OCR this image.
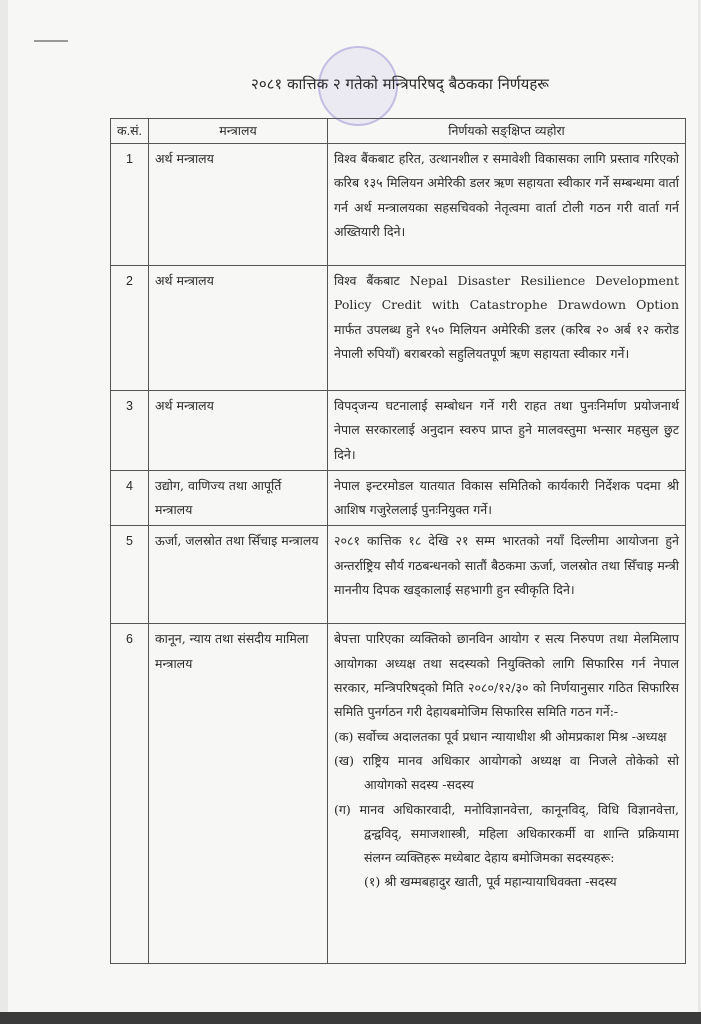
२०८१ कात्तिक २ गतेको मन्त्रिपरिषद् बैठकका निर्णयहरू
क.सं.	मन्त्रालय	निर्णयको सङ्क्षिप्त व्यहोरा
1	अर्थ मन्त्रालय	विश्व बैंकबाट हरित, उत्थानशील र समावेशी विकासका लागि प्रस्ताव गरिएको करिब १३५ मिलियन अमेरिकी डलर ऋण सहायता स्वीकार गर्ने सम्बन्धमा वार्ता गर्न अर्थ मन्त्रालयका सहसचिवको नेतृत्वमा वार्ता टोली गठन गरी वार्ता गर्न अख्तियारी दिने।
2	अर्थ मन्त्रालय	विश्व बैंकबाट Nepal Disaster Resilience Development Policy Credit with Catastrophe Drawdown Option मार्फत उपलब्ध हुने १५० मिलियन अमेरिकी डलर (करिब २० अर्ब १२ करोड नेपाली रुपियाँ) बराबरको सहुलियतपूर्ण ऋण सहायता स्वीकार गर्ने।
3	अर्थ मन्त्रालय	विपद्जन्य घटनालाई सम्बोधन गर्ने गरी राहत तथा पुनःनिर्माण प्रयोजनार्थ नेपाल सरकारलाई अनुदान स्वरुप प्राप्त हुने मालवस्तुमा भन्सार महसुल छुट दिने।
4	उद्योग, वाणिज्य तथा आपूर्ति मन्त्रालय	नेपाल इन्टरमोडल यातयात विकास समितिको कार्यकारी निर्देशक पदमा श्री आशिष गजुरेललाई पुनःनियुक्त गर्ने।
5	ऊर्जा, जलस्रोत तथा सिँचाइ मन्त्रालय	२०८१ कात्तिक १८ देखि २१ सम्म भारतको नयाँ दिल्लीमा आयोजना हुने अन्तर्राष्ट्रिय सौर्य गठबन्धनको सातौं बैठकमा ऊर्जा, जलस्रोत तथा सिँचाइ मन्त्री माननीय दिपक खड्कालाई सहभागी हुन स्वीकृति दिने।
6	कानून, न्याय तथा संसदीय मामिला मन्त्रालय	बेपत्ता पारिएका व्यक्तिको छानविन आयोग र सत्य निरुपण तथा मेलमिलाप आयोगका अध्यक्ष तथा सदस्यको नियुक्तिको लागि सिफारिस गर्न नेपाल सरकार, मन्त्रिपरिषद्को मिति २०८०/१२/३० को निर्णयानुसार गठित सिफारिस समिति पुनर्गठन गरी देहायबमोजिम सिफारिस समिति गठन गर्ने:-
(क) सर्वोच्च अदालतका पूर्व प्रधान न्यायाधीश श्री ओमप्रकाश मिश्र -अध्यक्ष
(ख) राष्ट्रिय मानव अधिकार आयोगको अध्यक्ष वा निजले तोकेको सो आयोगको सदस्य -सदस्य
(ग) मानव अधिकारवादी, मनोविज्ञानवेत्ता, कानूनविद्, विधि विज्ञानवेत्ता, द्वन्द्वविद्, समाजशास्त्री, महिला अधिकारकर्मी वा शान्ति प्रक्रियामा संलग्न व्यक्तिहरू मध्येबाट देहाय बमोजिमका सदस्यहरू:
(१) श्री खम्मबहादुर खाती, पूर्व महान्यायाधिवक्ता -सदस्य
